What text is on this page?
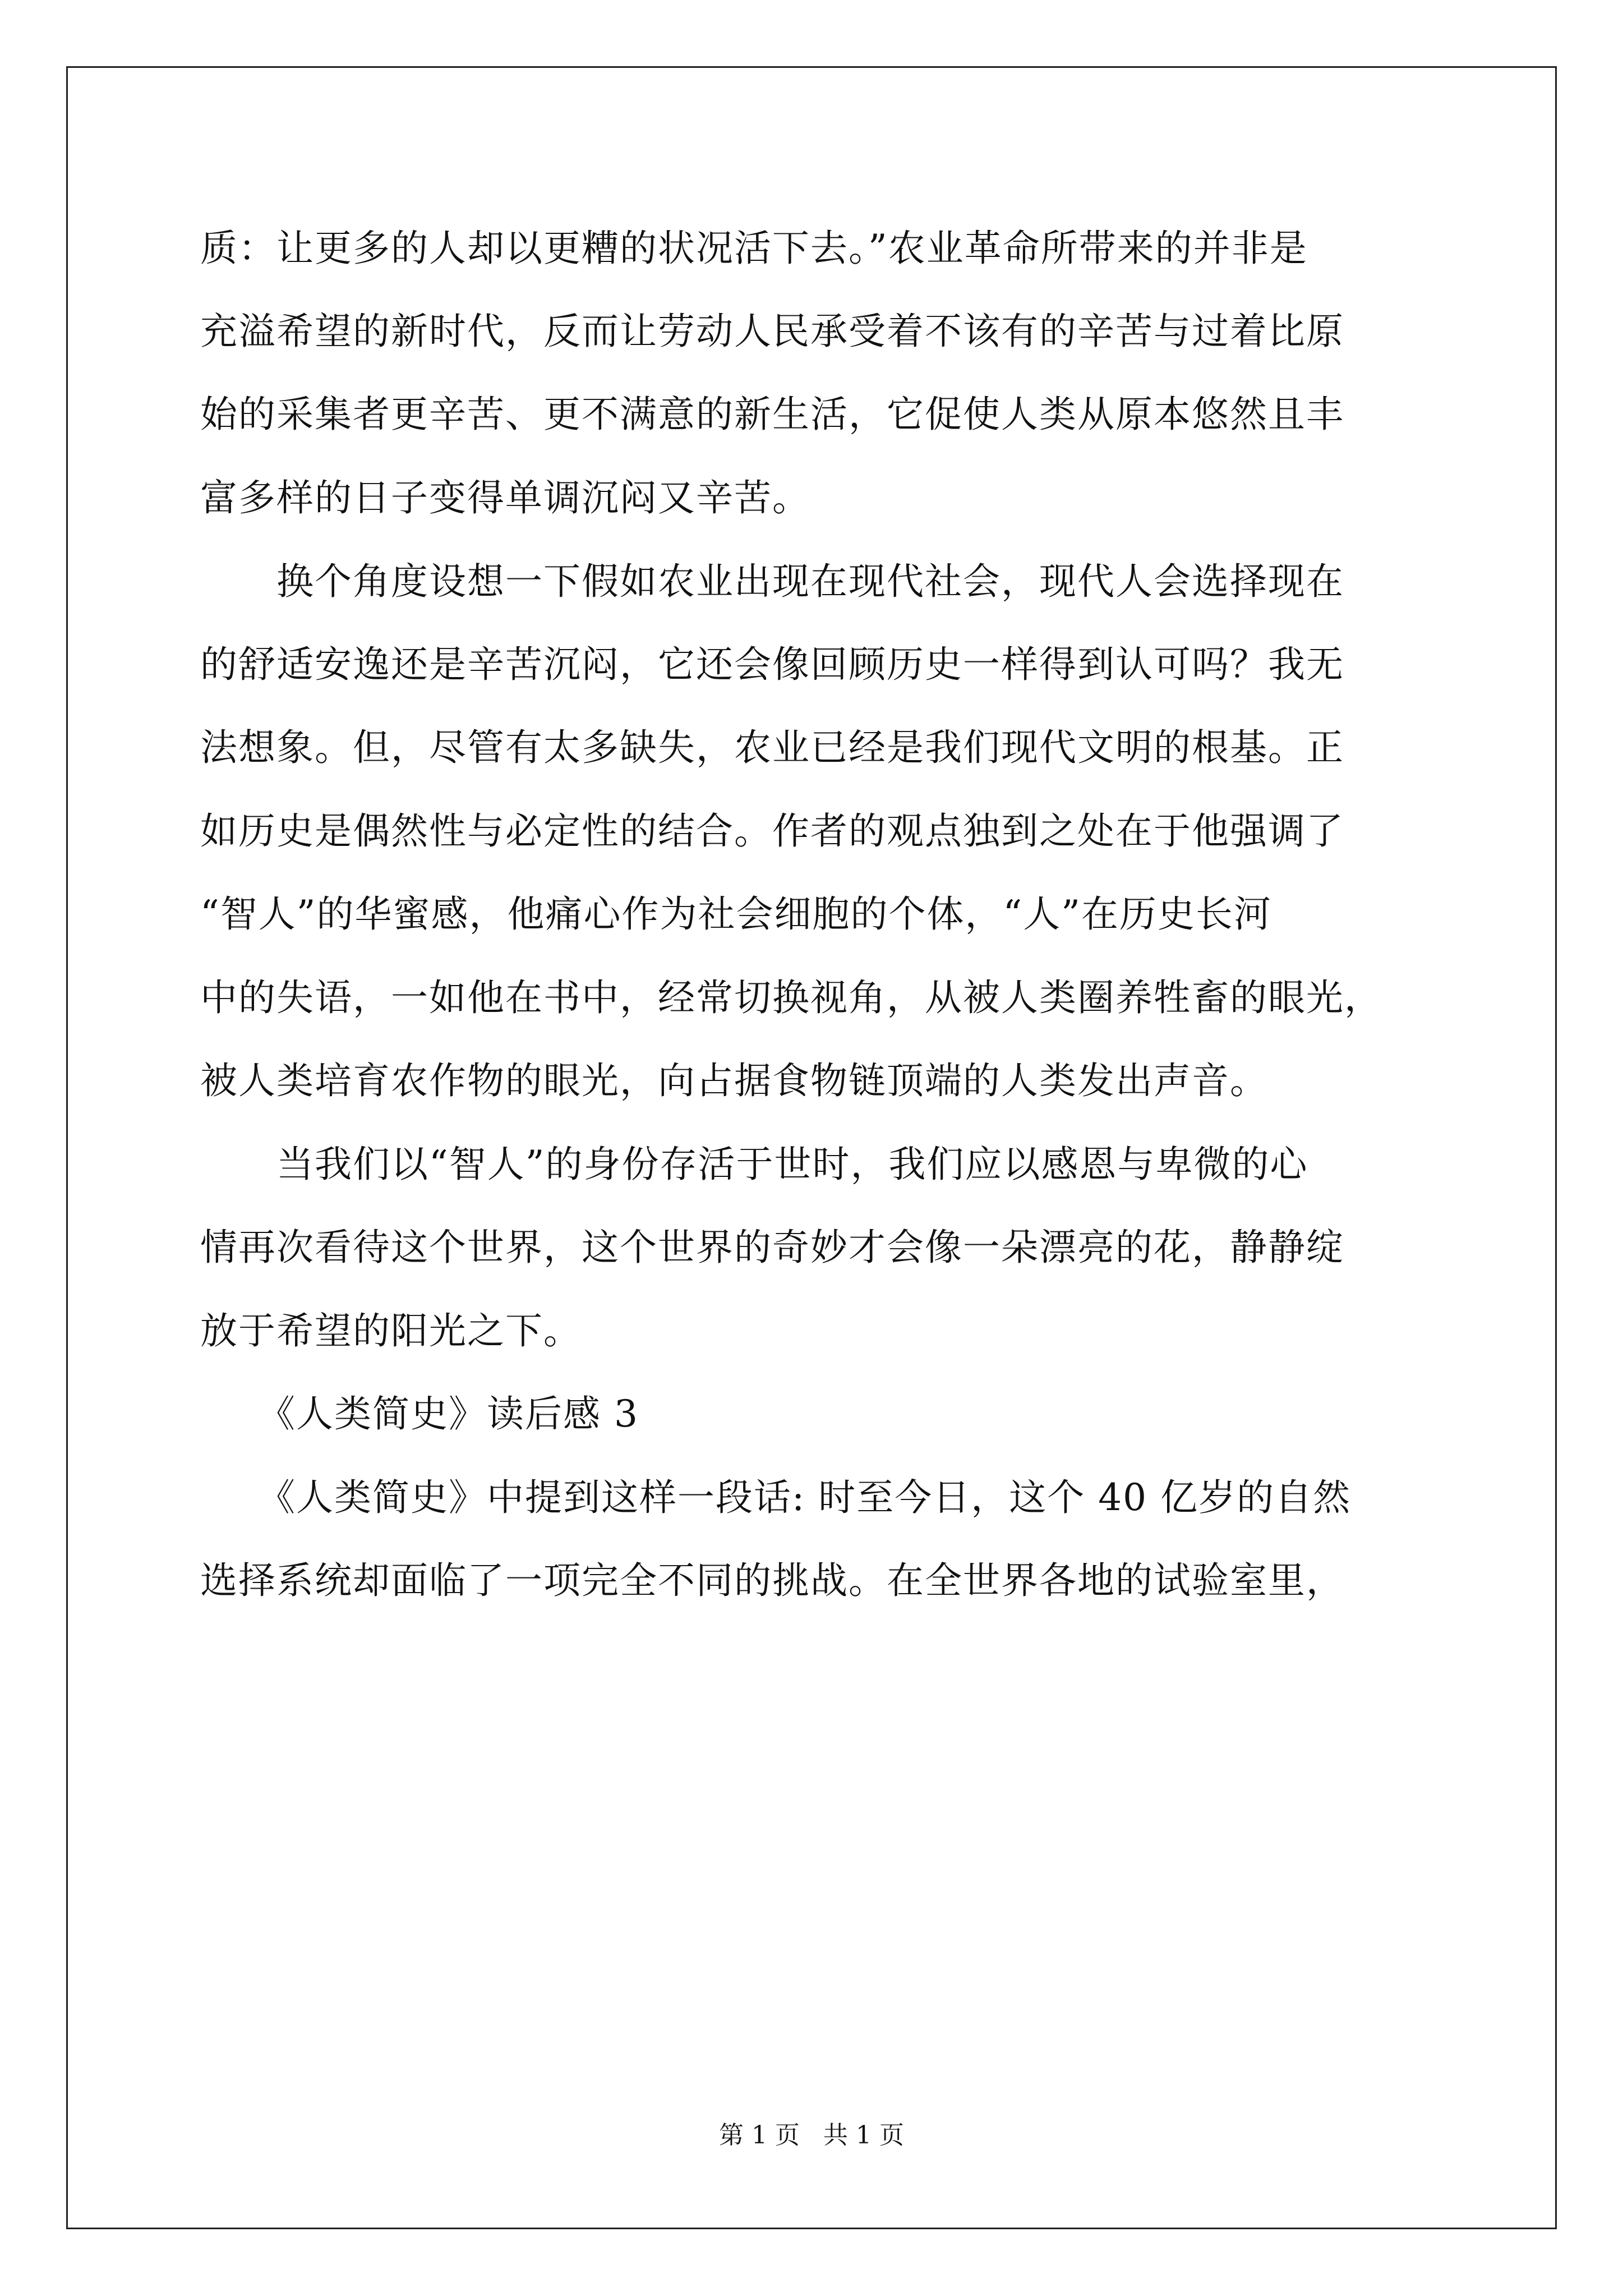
质：让更多的人却以更糟的状况活下去。”农业革命所带来的并非是
充溢希望的新时代，反而让劳动人民承受着不该有的辛苦与过着比原
始的采集者更辛苦、更不满意的新生活，它促使人类从原本悠然且丰
富多样的日子变得单调沉闷又辛苦。
　　换个角度设想一下假如农业出现在现代社会，现代人会选择现在
的舒适安逸还是辛苦沉闷，它还会像回顾历史一样得到认可吗？我无
法想象。但，尽管有太多缺失，农业已经是我们现代文明的根基。正
如历史是偶然性与必定性的结合。作者的观点独到之处在于他强调了
“智人”的华蜜感，他痛心作为社会细胞的个体，“人”在历史长河
中的失语，一如他在书中，经常切换视角，从被人类圈养牲畜的眼光，
被人类培育农作物的眼光，向占据食物链顶端的人类发出声音。
　　当我们以“智人”的身份存活于世时，我们应以感恩与卑微的心
情再次看待这个世界，这个世界的奇妙才会像一朵漂亮的花，静静绽
放于希望的阳光之下。
　　《人类简史》读后感 3
　　《人类简史》中提到这样一段话: 时至今日，这个 40 亿岁的自然
选择系统却面临了一项完全不同的挑战。在全世界各地的试验室里，
第 1 页   共 1 页
